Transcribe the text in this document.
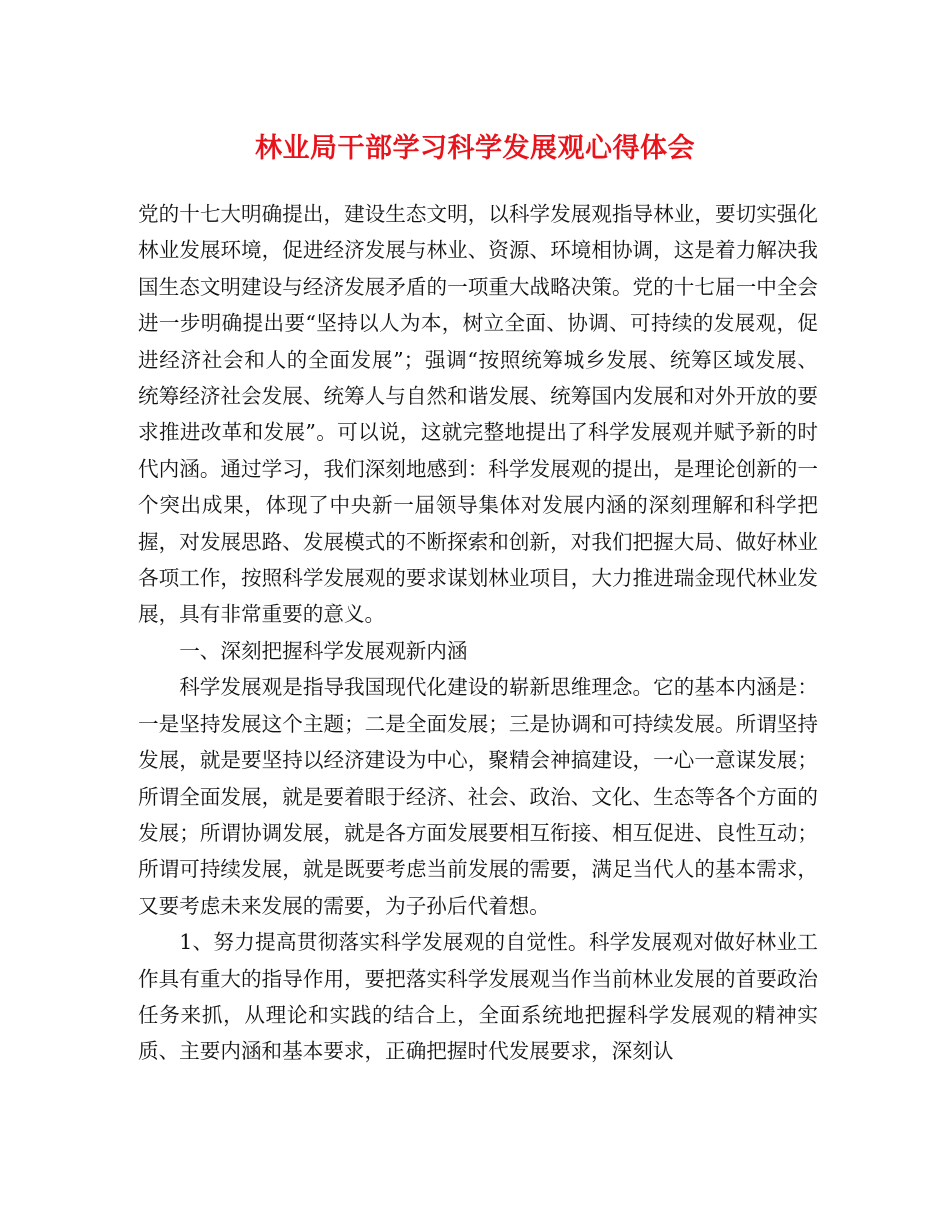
林业局干部学习科学发展观心得体会

党的十七大明确提出，建设生态文明，以科学发展观指导林业，要切实强化林业发展环境，促进经济发展与林业、资源、环境相协调，这是着力解决我国生态文明建设与经济发展矛盾的一项重大战略决策。党的十七届一中全会进一步明确提出要“坚持以人为本，树立全面、协调、可持续的发展观，促进经济社会和人的全面发展”；强调“按照统筹城乡发展、统筹区域发展、统筹经济社会发展、统筹人与自然和谐发展、统筹国内发展和对外开放的要求推进改革和发展”。可以说，这就完整地提出了科学发展观并赋予新的时代内涵。通过学习，我们深刻地感到：科学发展观的提出，是理论创新的一个突出成果，体现了中央新一届领导集体对发展内涵的深刻理解和科学把握，对发展思路、发展模式的不断探索和创新，对我们把握大局、做好林业各项工作，按照科学发展观的要求谋划林业项目，大力推进瑞金现代林业发展，具有非常重要的意义。

一、深刻把握科学发展观新内涵

科学发展观是指导我国现代化建设的崭新思维理念。它的基本内涵是：一是坚持发展这个主题；二是全面发展；三是协调和可持续发展。所谓坚持发展，就是要坚持以经济建设为中心，聚精会神搞建设，一心一意谋发展；所谓全面发展，就是要着眼于经济、社会、政治、文化、生态等各个方面的发展；所谓协调发展，就是各方面发展要相互衔接、相互促进、良性互动；所谓可持续发展，就是既要考虑当前发展的需要，满足当代人的基本需求，又要考虑未来发展的需要，为子孙后代着想。

1、努力提高贯彻落实科学发展观的自觉性。科学发展观对做好林业工作具有重大的指导作用，要把落实科学发展观当作当前林业发展的首要政治任务来抓，从理论和实践的结合上，全面系统地把握科学发展观的精神实质、主要内涵和基本要求，正确把握时代发展要求，深刻认
